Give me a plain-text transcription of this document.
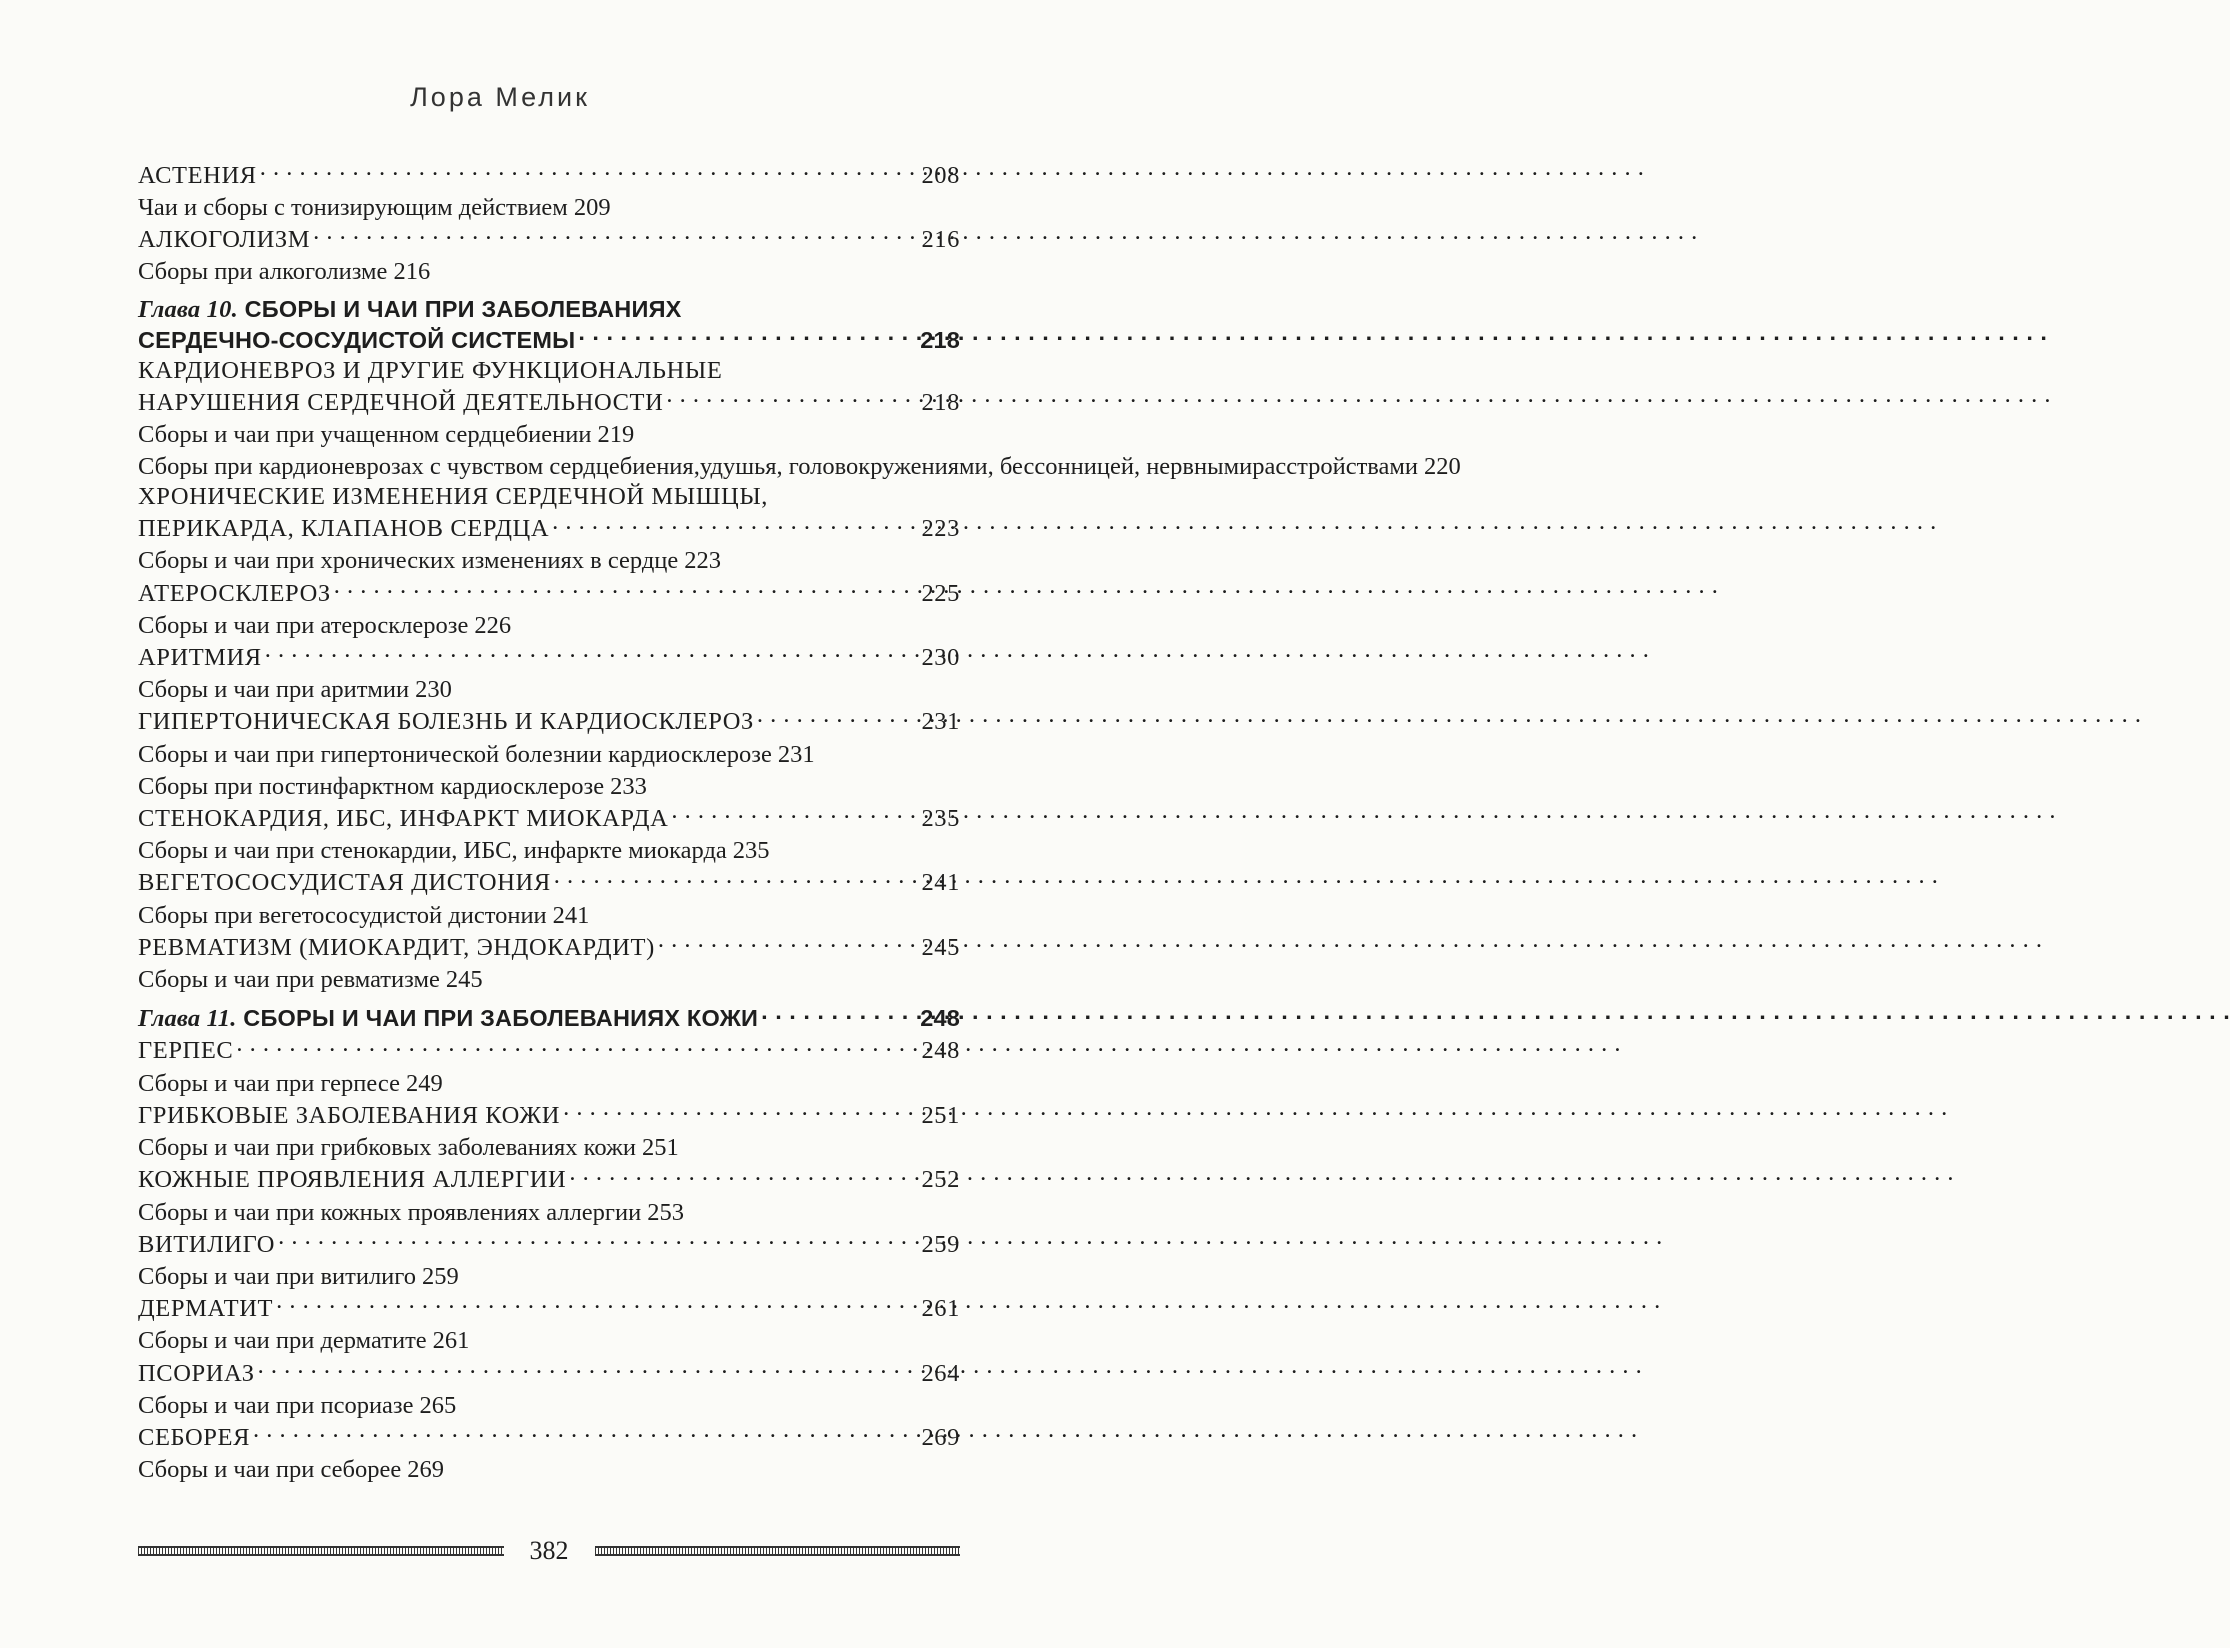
Лора Мелик
АСТЕНИЯ . . .	208
Чаи и сборы с тонизирующим действием 209
АЛКОГОЛИЗМ . . .	216
Сборы при алкоголизме 216
Глава 10. СБОРЫ И ЧАИ ПРИ ЗАБОЛЕВАНИЯХ
СЕРДЕЧНО-СОСУДИСТОЙ СИСТЕМЫ . . .	218
КАРДИОНЕВРОЗ И ДРУГИЕ ФУНКЦИОНАЛЬНЫЕ
НАРУШЕНИЯ СЕРДЕЧНОЙ ДЕЯТЕЛЬНОСТИ . . .	218
Сборы и чаи при учащенном сердцебиении 219
Сборы при кардионеврозах с чувством сердцебиения, удушья, головокружениями, бессонницей, нервными расстройствами 220
ХРОНИЧЕСКИЕ ИЗМЕНЕНИЯ СЕРДЕЧНОЙ МЫШЦЫ,
ПЕРИКАРДА, КЛАПАНОВ СЕРДЦА . . .	223
Сборы и чаи при хронических изменениях в сердце 223
АТЕРОСКЛЕРОЗ . . .	225
Сборы и чаи при атеросклерозе 226
АРИТМИЯ . . .	230
Сборы и чаи при аритмии 230
ГИПЕРТОНИЧЕСКАЯ БОЛЕЗНЬ И КАРДИОСКЛЕРОЗ . . .	231
Сборы и чаи при гипертонической болезни и кардиосклерозе 231
Сборы при постинфарктном кардиосклерозе 233
СТЕНОКАРДИЯ, ИБС, ИНФАРКТ МИОКАРДА . . .	235
Сборы и чаи при стенокардии, ИБС, инфаркте миокарда 235
ВЕГЕТОСОСУДИСТАЯ ДИСТОНИЯ . . .	241
Сборы при вегетососудистой дистонии 241
РЕВМАТИЗМ (МИОКАРДИТ, ЭНДОКАРДИТ) . . .	245
Сборы и чаи при ревматизме 245
Глава 11. СБОРЫ И ЧАИ ПРИ ЗАБОЛЕВАНИЯХ КОЖИ . . .	248
ГЕРПЕС . . .	248
Сборы и чаи при герпесе 249
ГРИБКОВЫЕ ЗАБОЛЕВАНИЯ КОЖИ . . .	251
Сборы и чаи при грибковых заболеваниях кожи 251
КОЖНЫЕ ПРОЯВЛЕНИЯ АЛЛЕРГИИ . . .	252
Сборы и чаи при кожных проявлениях аллергии 253
ВИТИЛИГО . . .	259
Сборы и чаи при витилиго 259
ДЕРМАТИТ . . .	261
Сборы и чаи при дерматите 261
ПСОРИАЗ . . .	264
Сборы и чаи при псориазе 265
СЕБОРЕЯ . . .	269
Сборы и чаи при себорее 269
382
